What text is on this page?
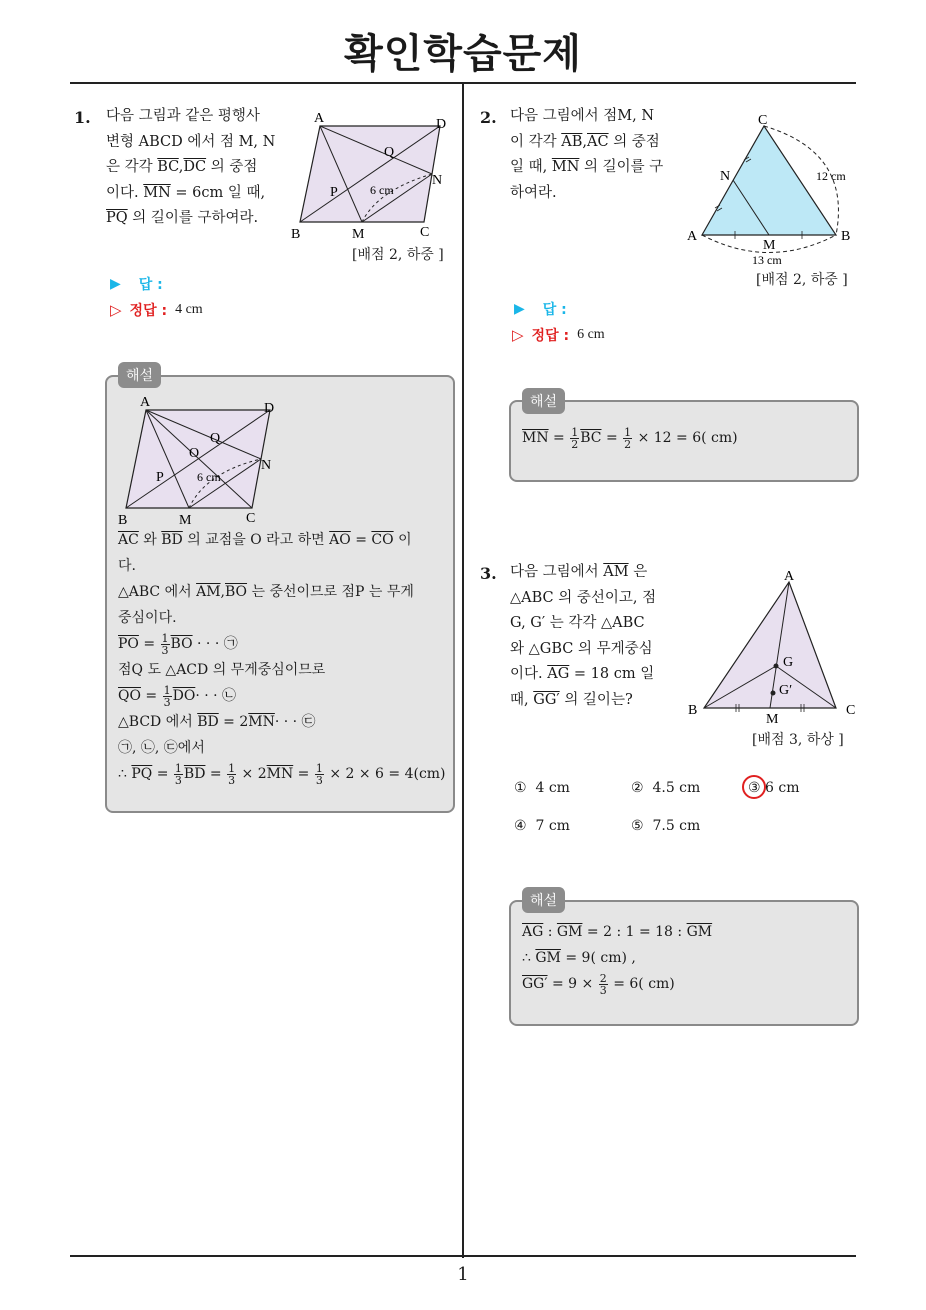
확인학습문제
1
1. 다음 그림과 같은 평행사
변형 ABCD 에서 점 M, N
은 각각 $\overline{BC},\overline{DC}$ 의 중점
이다. $\overline{MN} = 6cm$ 일 때,
$\overline{PQ}$ 의 길이를 구하여라.
A	D
B	C
M
N
P
Q
6 cm
[배점 2, 하중 ]
▶ 답 :
▷ 정답 : 4 cm
해설
A	D
B	C
M
N
P
Q
O
6 cm
$\overline{AC}$ 와 $\overline{BD}$ 의 교점을 O 라고 하면 $\overline{AO} = \overline{CO}$ 이
다.
△ABC 에서 $\overline{AM},\overline{BO}$ 는 중선이므로 점P 는 무게
중심이다.
$\overline{PO} = \frac{1}{3} \overline{BO}$ · · · ㉠
점Q 도 △ACD 의 무게중심이므로
$\overline{QO} = \frac{1}{3} \overline{DO}\cdot$ · · ㉡
△BCD 에서 $\overline{BD} = 2\overline{MN}\cdot$ · · ㉢
㉠, ㉡, ㉢에서
∴ $\overline{PQ} = \frac{1}{3} \overline{BD} = \frac{1}{3} \times 2\overline{MN} = \frac{1}{3} \times 2 \times 6 = 4(cm)$
2. 다음 그림에서 점M, N
이 각각 $\overline{AB},\overline{AC}$ 의 중점
일 때, $\overline{MN}$ 의 길이를 구
하여라.
C
N
A	B
M
12 cm
13 cm
[배점 2, 하중 ]
▶ 답 :
▷ 정답 : 6 cm
해설
$\overline{MN} = \frac{1}{2} \overline{BC} = \frac{1}{2} \times 12 = 6$( cm)
3. 다음 그림에서 $\overline{AM}$ 은
△ABC 의 중선이고, 점
G, G′ 는 각각 △ABC
와 △GBC 의 무게중심
이다. $\overline{AG} = 18$ cm 일
때, GG′ 의 길이는?
A
B	C
M
G
G′
[배점 3, 하상 ]
① 4 cm	② 4.5 cm	③ 6 cm
④ 7 cm	⑤ 7.5 cm
해설
$\overline{AG}$ : $\overline{GM} = 2$ : 1 = 18 : $\overline{GM}$
∴ $\overline{GM} = 9$( cm) ,
$GG' = 9 \times \frac{2}{3} = 6$( cm)
